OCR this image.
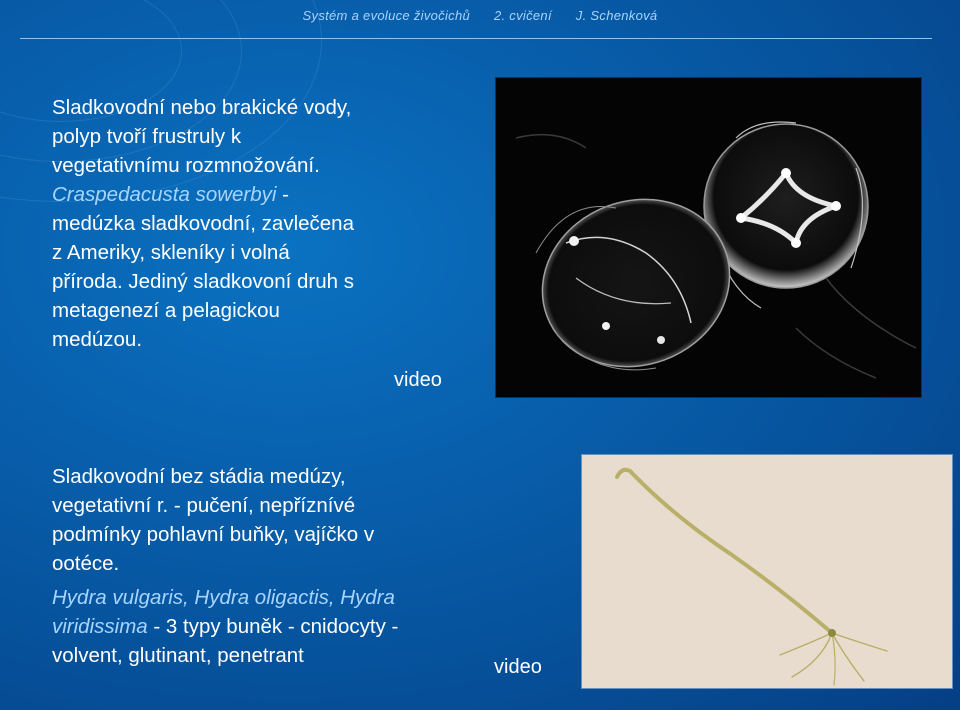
Systém a evoluce živočichů 2. cvičení J. Schenková
Sladkovodní nebo brakické vody,
polyp tvoří frustruly k
vegetativnímu rozmnožování.
Craspedacusta sowerbyi -
medúzka sladkovodní, zavlečena
z Ameriky, skleníky i volná
příroda. Jediný sladkovoní druh s
metagenezí a pelagickou
medúzou.
video
Sladkovodní bez stádia medúzy,
vegetativní r. - pučení, nepříznívé
podmínky pohlavní buňky, vajíčko v
ootéce.
Hydra vulgaris, Hydra oligactis, Hydra
viridissima - 3 typy buněk - cnidocyty -
volvent, glutinant, penetrant	video
